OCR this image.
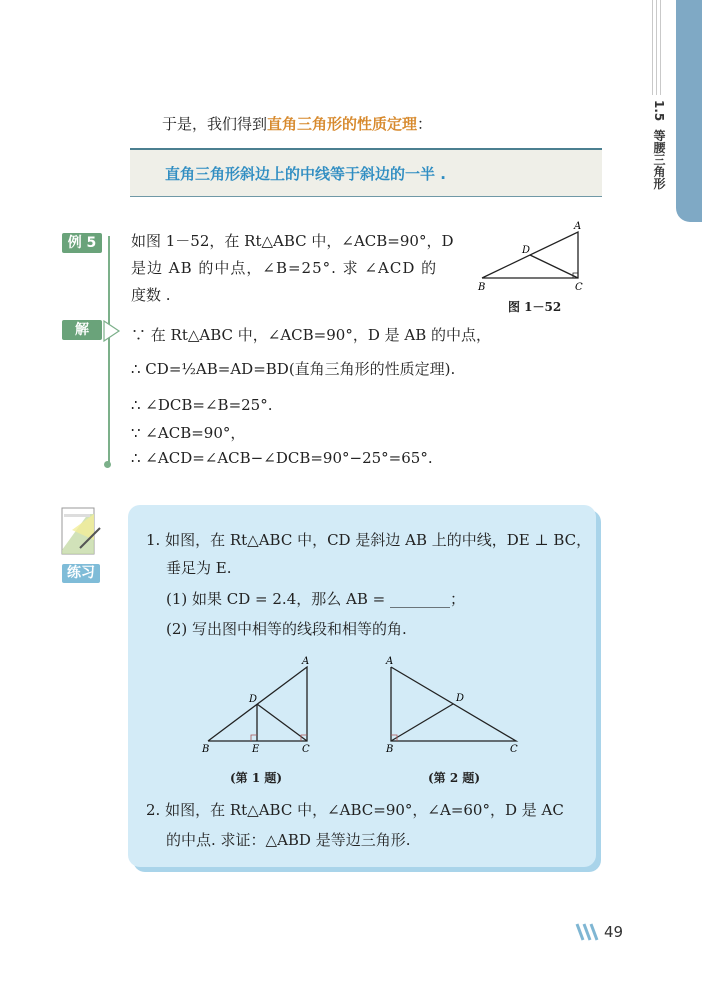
1.5  等腰三角形
于是，我们得到直角三角形的性质定理：
直角三角形斜边上的中线等于斜边的一半 .
例 5	如图 1－52，在 Rt△ABC 中，∠ACB=90°，D
是边 AB 的中点，∠B=25°. 求 ∠ACD 的
度数 .
A
B	C
D
图 1－52
解	∵ 在 Rt△ABC 中，∠ACB=90°，D 是 AB 的中点，
∴ CD=½AB=AD=BD(直角三角形的性质定理).
∴ ∠DCB=∠B=25°.
∵ ∠ACB=90°，
∴ ∠ACD=∠ACB−∠DCB=90°−25°=65°.
练习
1. 如图，在 Rt△ABC 中，CD 是斜边 AB 上的中线，DE ⊥ BC，
垂足为 E.
(1) 如果 CD = 2.4，那么 AB = ________；
(2) 写出图中相等的线段和相等的角.
A
B	C
D
E
(第 1 题)
A
B	C
D
(第 2 题)
2. 如图，在 Rt△ABC 中，∠ABC=90°，∠A=60°，D 是 AC
的中点. 求证：△ABD 是等边三角形.
49
